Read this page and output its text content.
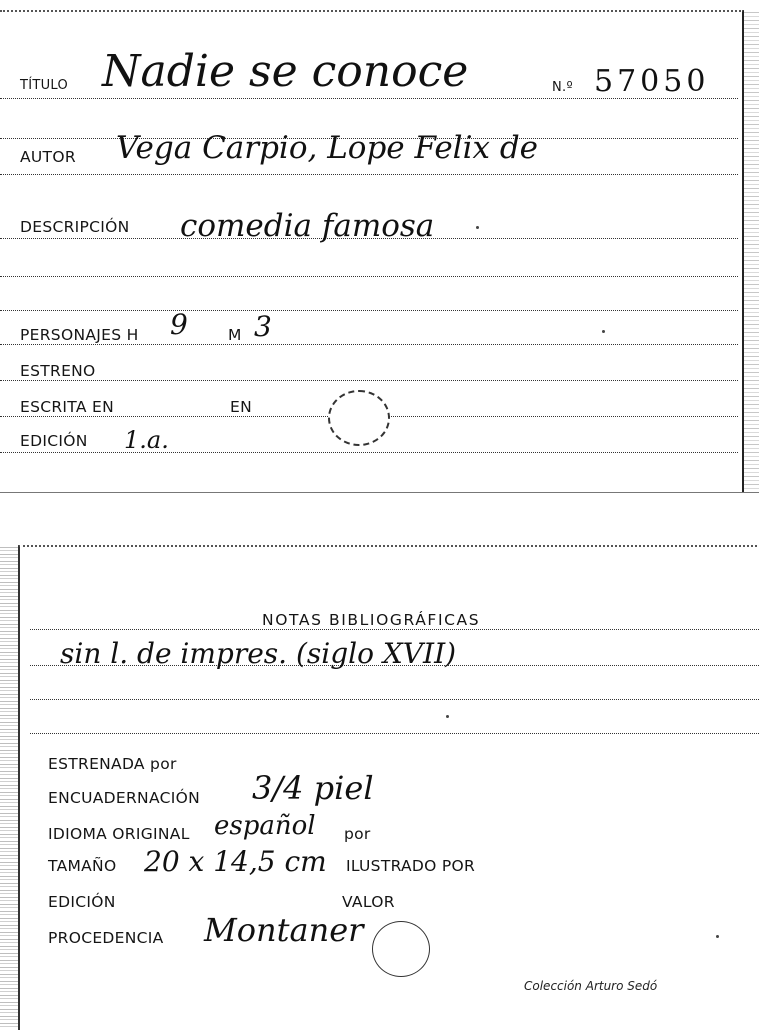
TÍTULO Nadie se conoce	N.º 57050
AUTOR Vega Carpio, Lope Felix de
DESCRIPCIÓN comedia famosa
PERSONAJES H 9	M 3
ESTRENO
ESCRITA EN	EN
EDICIÓN 1.a.
NOTAS BIBLIOGRÁFICAS
sin l. de impres. (siglo XVII)
ESTRENADA por
ENCUADERNACIÓN 3/4 piel
IDIOMA ORIGINAL español por
TAMAÑO 20 x 14,5 cm ILUSTRADO POR
EDICIÓN	VALOR
PROCEDENCIA Montaner
Colección Arturo Sedó
